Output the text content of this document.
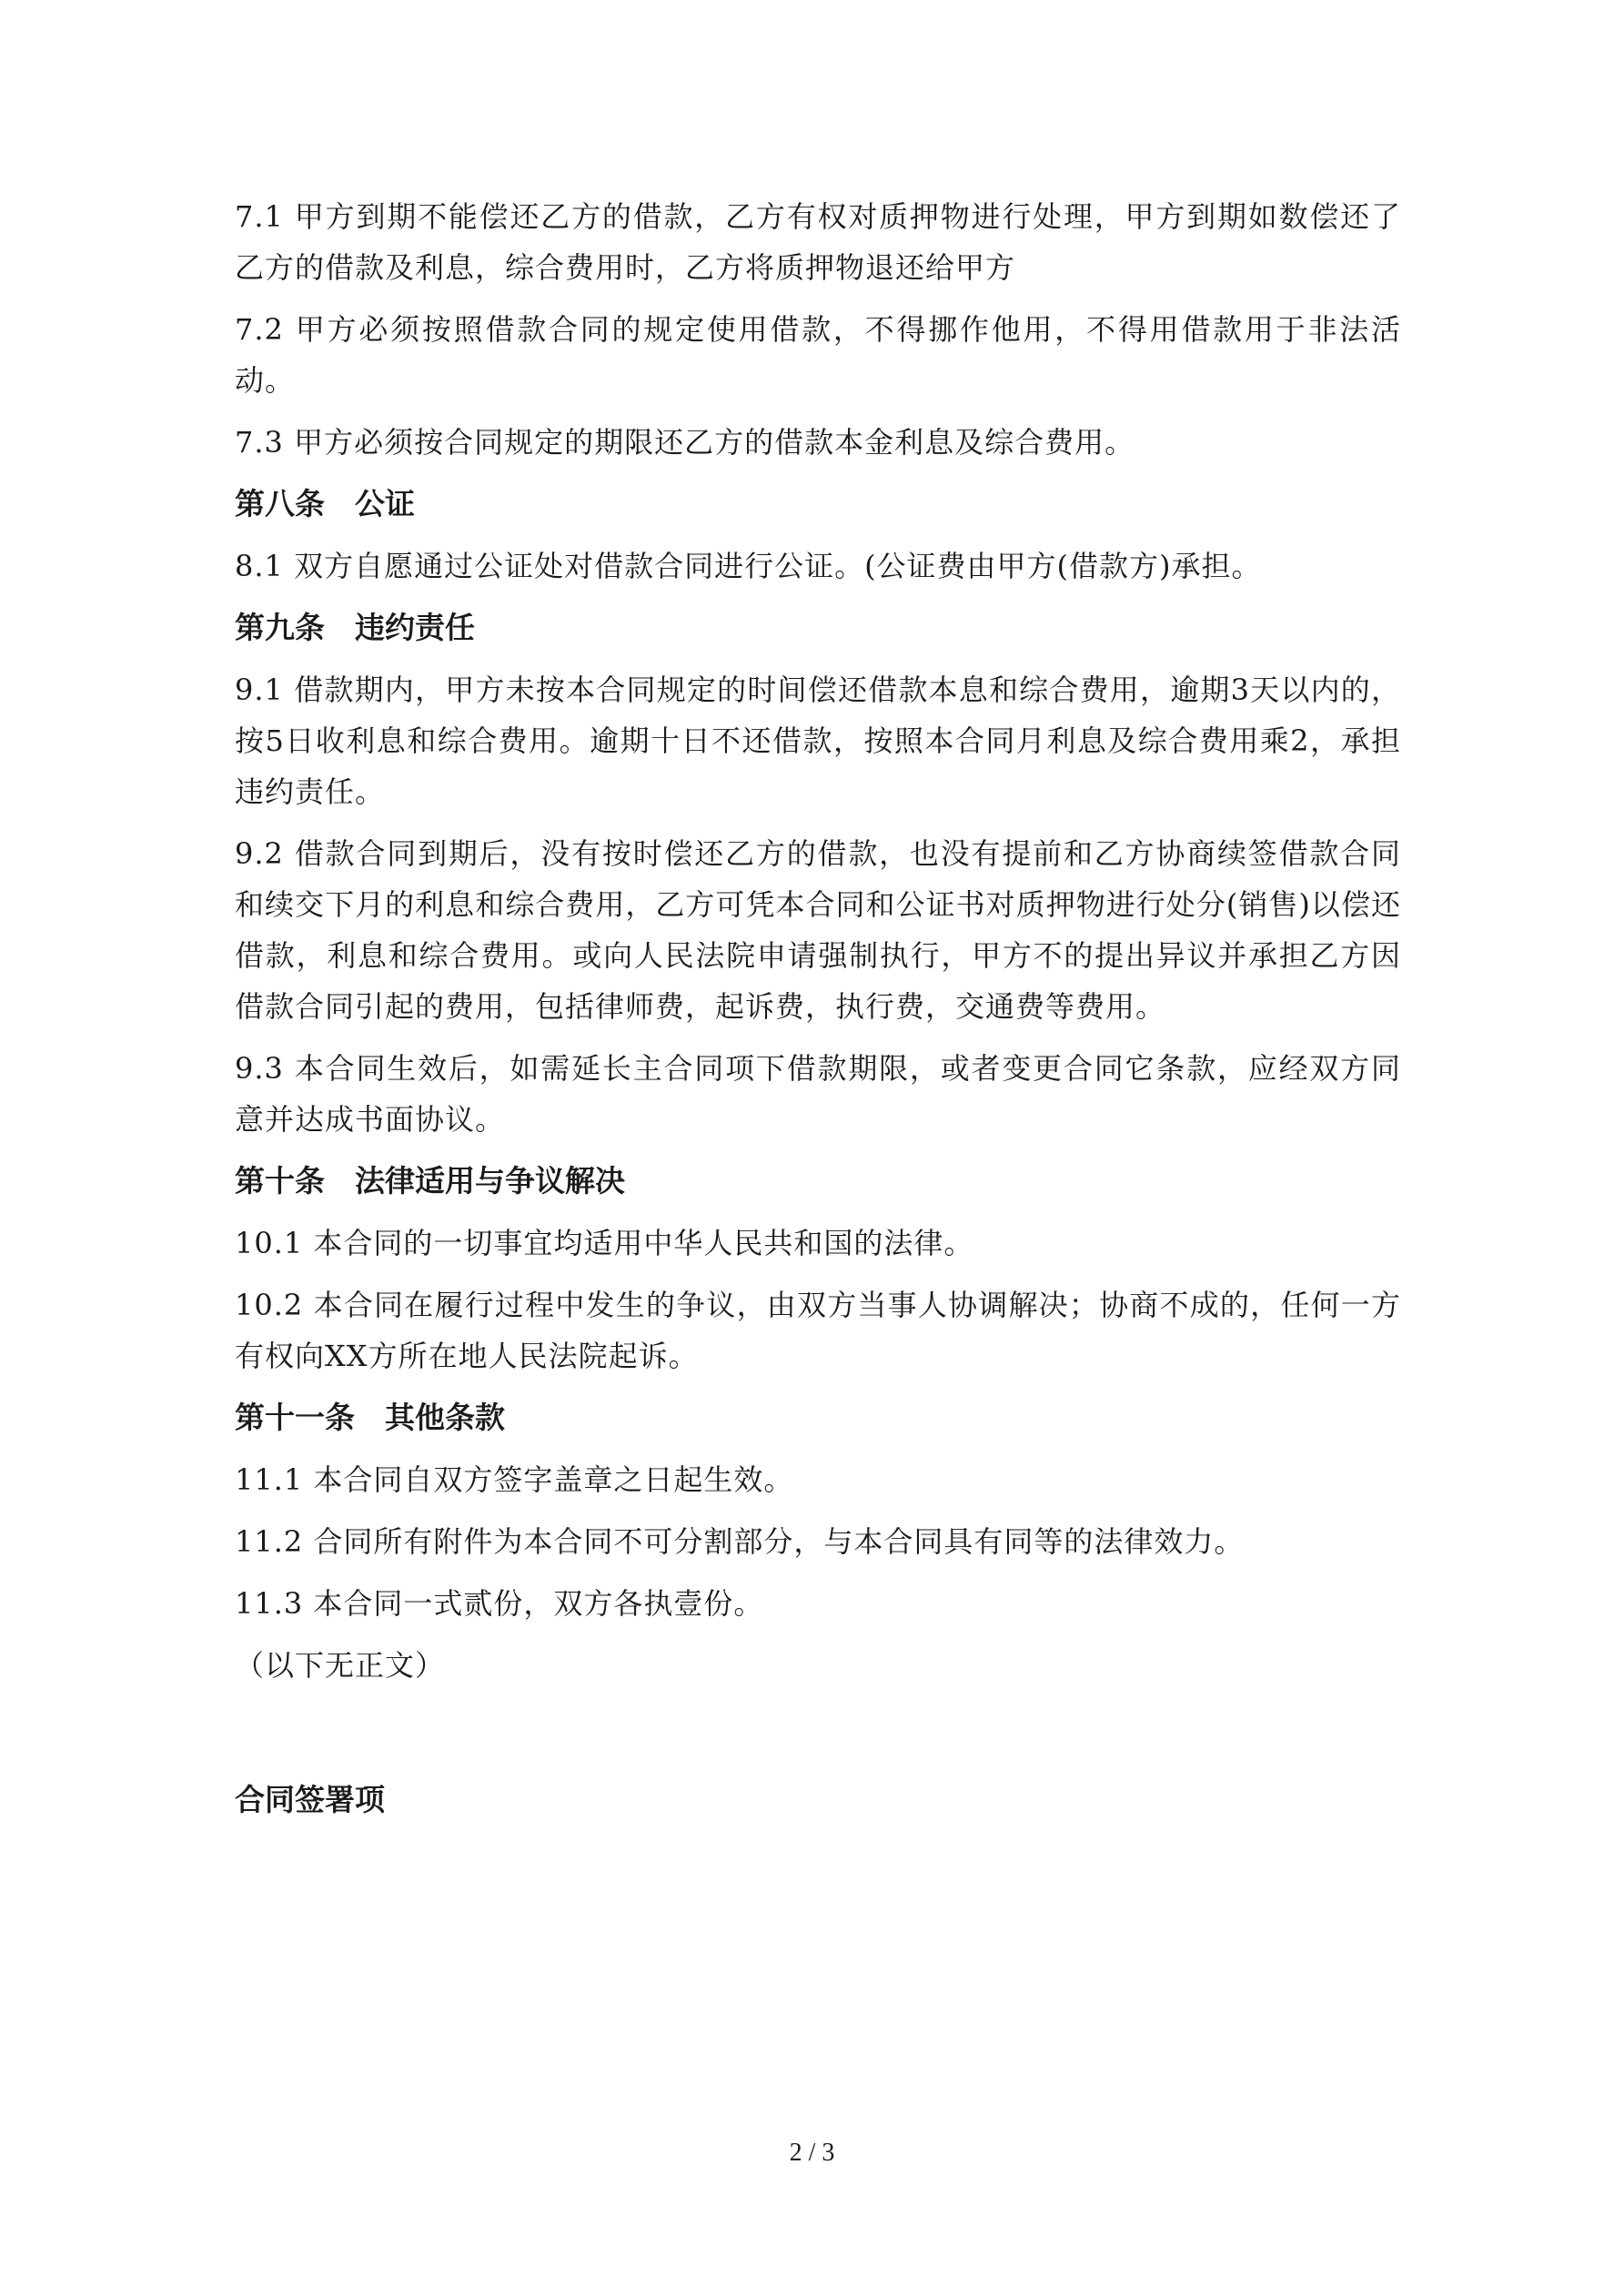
7.1 甲方到期不能偿还乙方的借款，乙方有权对质押物进行处理，甲方到期如数偿还了乙方的借款及利息，综合费用时，乙方将质押物退还给甲方
7.2 甲方必须按照借款合同的规定使用借款，不得挪作他用，不得用借款用于非法活动。
7.3 甲方必须按合同规定的期限还乙方的借款本金利息及综合费用。
第八条　公证
8.1 双方自愿通过公证处对借款合同进行公证。(公证费由甲方(借款方)承担。
第九条　违约责任
9.1 借款期内，甲方未按本合同规定的时间偿还借款本息和综合费用，逾期3天以内的，按5日收利息和综合费用。逾期十日不还借款，按照本合同月利息及综合费用乘2，承担违约责任。
9.2 借款合同到期后，没有按时偿还乙方的借款，也没有提前和乙方协商续签借款合同和续交下月的利息和综合费用，乙方可凭本合同和公证书对质押物进行处分(销售)以偿还借款，利息和综合费用。或向人民法院申请强制执行，甲方不的提出异议并承担乙方因借款合同引起的费用，包括律师费，起诉费，执行费，交通费等费用。
9.3 本合同生效后，如需延长主合同项下借款期限，或者变更合同它条款，应经双方同意并达成书面协议。
第十条　法律适用与争议解决
10.1 本合同的一切事宜均适用中华人民共和国的法律。
10.2 本合同在履行过程中发生的争议，由双方当事人协调解决；协商不成的，任何一方有权向XX方所在地人民法院起诉。
第十一条　其他条款
11.1 本合同自双方签字盖章之日起生效。
11.2 合同所有附件为本合同不可分割部分，与本合同具有同等的法律效力。
11.3 本合同一式贰份，双方各执壹份。
（以下无正文）
合同签署项
2 / 3
